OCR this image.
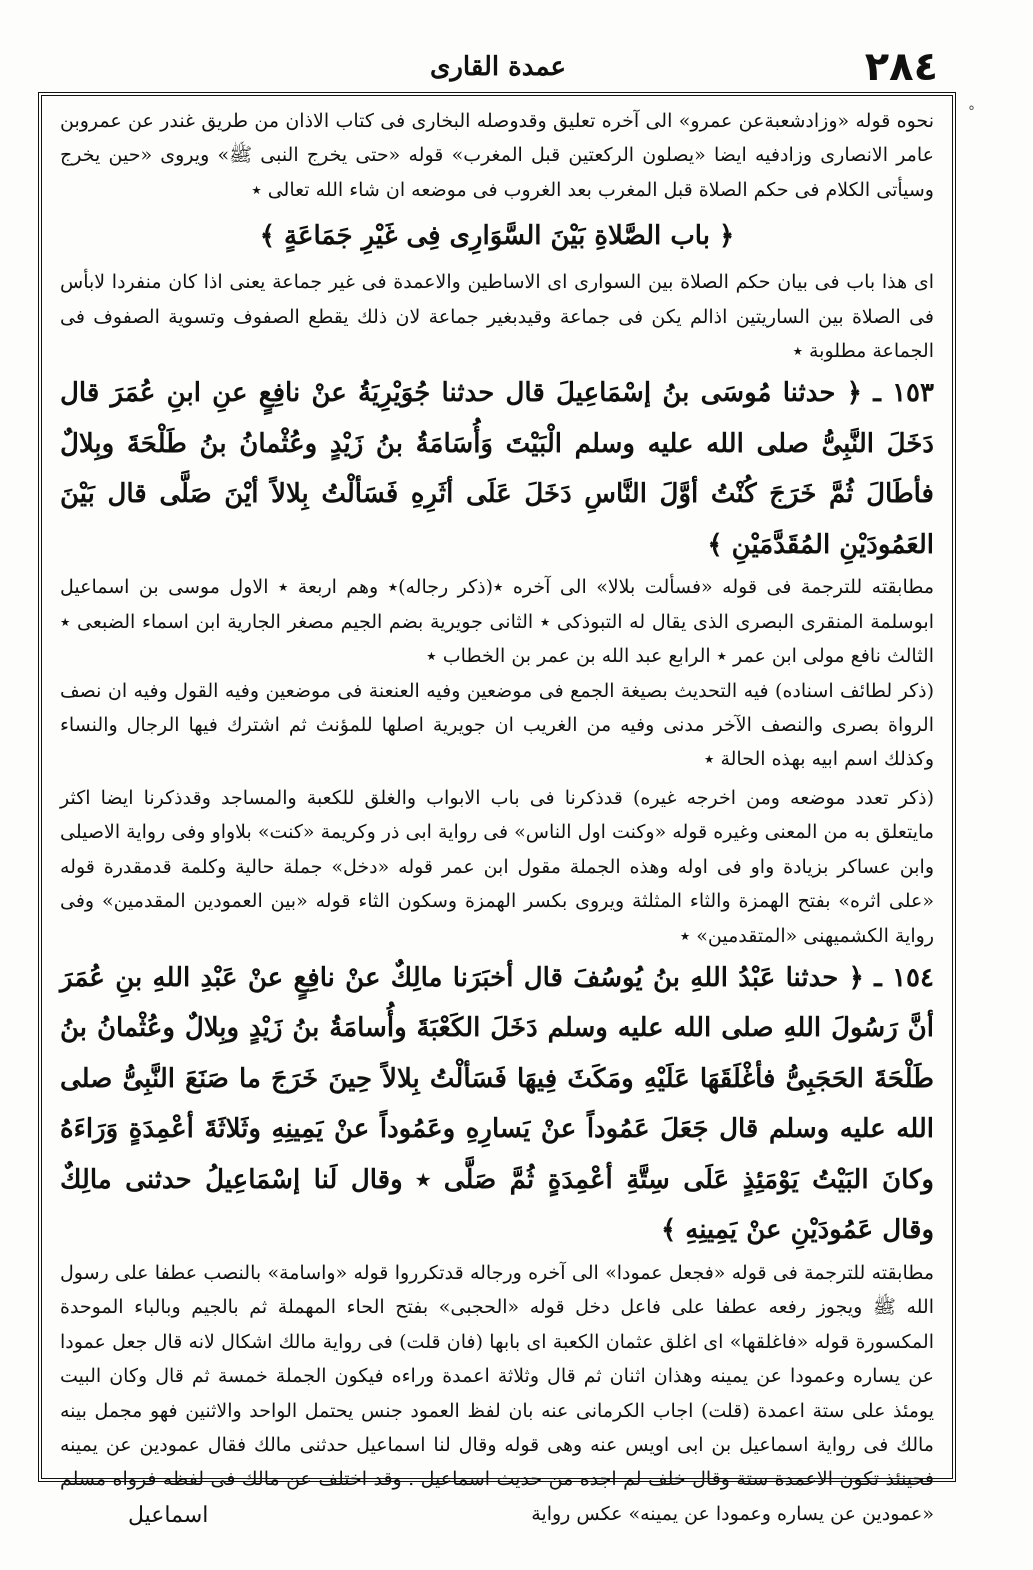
٢٨٤
عمدة القاری
°

نحوه قوله «وزادشعبةعن عمرو» الى آخره تعليق وقدوصله البخارى فى كتاب الاذان من طريق غندر عن عمروبن عامر الانصارى وزادفيه ايضا «يصلون الركعتين قبل المغرب» قوله «حتى يخرج النبى ﷺ» ويروى «حين يخرج وسيأتى الكلام فى حكم الصلاة قبل المغرب بعد الغروب فى موضعه ان شاء الله تعالى ٭

﴿ باب الصَّلاةِ بَيْنَ السَّوَارِی فِی غَیْرِ جَمَاعَةٍ ﴾

اى هذا باب فى بيان حكم الصلاة بين السوارى اى الاساطين والاعمدة فى غير جماعة يعنى اذا كان منفردا لابأس فى الصلاة بين الساريتين اذالم يكن فى جماعة وقيدبغير جماعة لان ذلك يقطع الصفوف وتسوية الصفوف فى الجماعة مطلوبة ٭

١٥٣ ـ ﴿ حدثنا مُوسَى بنُ إسْمَاعِيلَ قال حدثنا جُوَيْرِيَةُ عنْ نافِعٍ عنِ ابنِ عُمَرَ قال دَخَلَ النَّبِیُّ صلى الله عليه وسلم الْبَيْتَ وَأُسَامَةُ بنُ زَيْدٍ وعُثْمانُ بنُ طَلْحَةَ وبِلالٌ فأطَالَ ثُمَّ خَرَجَ كُنْتُ أوَّلَ النَّاسِ دَخَلَ عَلَى أثَرِهِ فَسَألْتُ بِلالاً أيْنَ صَلَّى قال بَيْنَ العَمُودَيْنِ المُقَدَّمَيْنِ ﴾

مطابقته للترجمة فى قوله «فسألت بلالا» الى آخره ٭(ذكر رجاله)٭ وهم اربعة ٭ الاول موسى بن اسماعيل ابوسلمة المنقرى البصرى الذى يقال له التبوذكى ٭ الثانى جويرية بضم الجيم مصغر الجارية ابن اسماء الضبعى ٭ الثالث نافع مولى ابن عمر ٭ الرابع عبد الله بن عمر بن الخطاب ٭

(ذكر لطائف اسناده) فيه التحديث بصيغة الجمع فى موضعين وفيه العنعنة فى موضعين وفيه القول وفيه ان نصف الرواة بصرى والنصف الآخر مدنى وفيه من الغريب ان جويرية اصلها للمؤنث ثم اشترك فيها الرجال والنساء وكذلك اسم ابيه بهذه الحالة ٭

(ذكر تعدد موضعه ومن اخرجه غيره) قدذكرنا فى باب الابواب والغلق للكعبة والمساجد وقدذكرنا ايضا اكثر مايتعلق به من المعنى وغيره قوله «وكنت اول الناس» فى رواية ابى ذر وكريمة «كنت» بلاواو وفى رواية الاصيلى وابن عساكر بزيادة واو فى اوله وهذه الجملة مقول ابن عمر قوله «دخل» جملة حالية وكلمة قدمقدرة قوله «على اثره» بفتح الهمزة والثاء المثلثة ويروى بكسر الهمزة وسكون الثاء قوله «بين العمودين المقدمين» وفى رواية الكشميهنى «المتقدمين» ٭

١٥٤ ـ ﴿ حدثنا عَبْدُ اللهِ بنُ يُوسُفَ قال أخبَرَنا مالِكٌ عنْ نافِعٍ عنْ عَبْدِ اللهِ بنِ عُمَرَ أنَّ رَسُولَ اللهِ صلى الله عليه وسلم دَخَلَ الكَعْبَةَ وأُسامَةُ بنُ زَيْدٍ وبِلالٌ وعُثْمانُ بنُ طَلْحَةَ الحَجَبِیُّ فأغْلَقَهَا عَلَيْهِ ومَكَثَ فِيهَا فَسَألْتُ بِلالاً حِينَ خَرَجَ ما صَنَعَ النَّبِیُّ صلى الله عليه وسلم قال جَعَلَ عَمُوداً عنْ يَسارِهِ وعَمُوداً عنْ يَمِينِهِ وثَلاثَةَ أعْمِدَةٍ وَرَاءَهُ وكانَ البَيْتُ يَوْمَئِذٍ عَلَى سِتَّةِ أعْمِدَةٍ ثُمَّ صَلَّى ٭ وقال لَنا إسْمَاعِيلُ حدثنی مالِكٌ وقال عَمُودَيْنِ عنْ يَمِينِهِ ﴾

مطابقته للترجمة فى قوله «فجعل عمودا» الى آخره ورجاله قدتكرروا قوله «واسامة» بالنصب عطفا على رسول الله ﷺ ويجوز رفعه عطفا على فاعل دخل قوله «الحجبى» بفتح الحاء المهملة ثم بالجيم وبالباء الموحدة المكسورة قوله «فاغلقها» اى اغلق عثمان الكعبة اى بابها (فان قلت) فى رواية مالك اشكال لانه قال جعل عمودا عن يساره وعمودا عن يمينه وهذان اثنان ثم قال وثلاثة اعمدة وراءه فيكون الجملة خمسة ثم قال وكان البيت يومئذ على ستة اعمدة (قلت) اجاب الكرمانى عنه بان لفظ العمود جنس يحتمل الواحد والاثنين فهو مجمل بينه مالك فى رواية اسماعيل بن ابى اويس عنه وهى قوله وقال لنا اسماعيل حدثنى مالك فقال عمودين عن يمينه فحينئذ تكون الاعمدة ستة وقال خلف لم اجده من حديث اسماعيل . وقد اختلف عن مالك فى لفظه فرواه مسلم «عمودين عن يساره وعمودا عن يمينه» عكس رواية

اسماعيل
